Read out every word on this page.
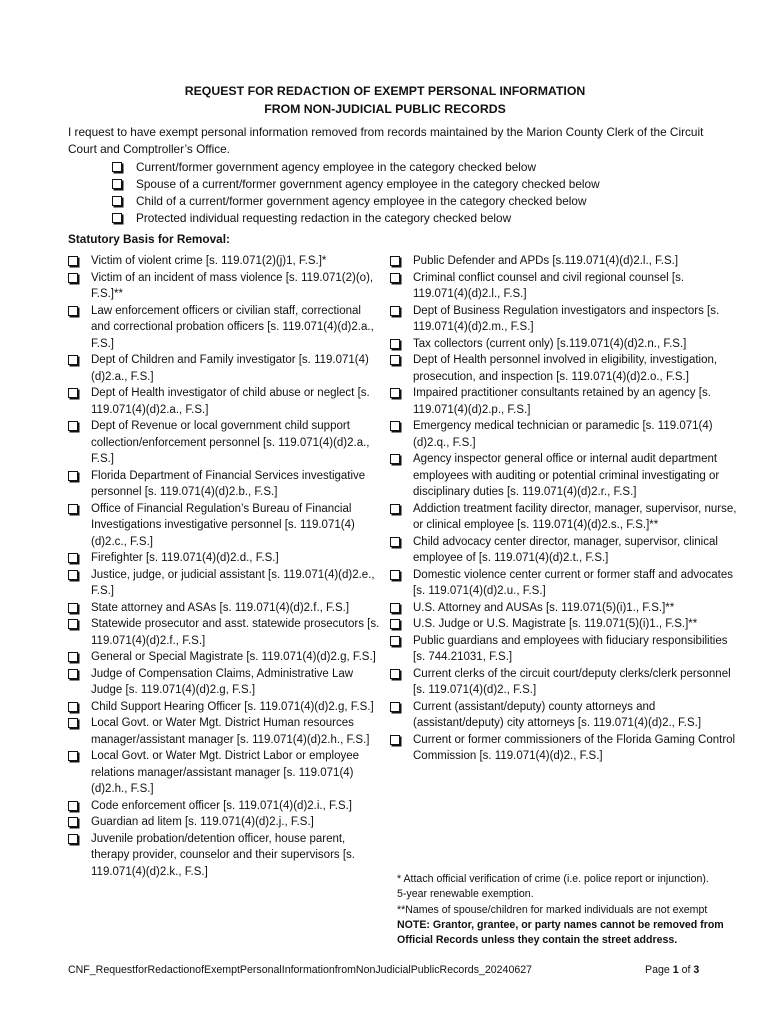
REQUEST FOR REDACTION OF EXEMPT PERSONAL INFORMATION
FROM NON-JUDICIAL PUBLIC RECORDS
I request to have exempt personal information removed from records maintained by the Marion County Clerk of the Circuit Court and Comptroller’s Office.
Current/former government agency employee in the category checked below
Spouse of a current/former government agency employee in the category checked below
Child of a current/former government agency employee in the category checked below
Protected individual requesting redaction in the category checked below
Statutory Basis for Removal:
Victim of violent crime [s. 119.071(2)(j)1, F.S.]*
Victim of an incident of mass violence [s. 119.071(2)(o), F.S.]**
Law enforcement officers or civilian staff, correctional and correctional probation officers [s. 119.071(4)(d)2.a., F.S.]
Dept of Children and Family investigator [s. 119.071(4)(d)2.a., F.S.]
Dept of Health investigator of child abuse or neglect [s. 119.071(4)(d)2.a., F.S.]
Dept of Revenue or local government child support collection/enforcement personnel [s. 119.071(4)(d)2.a., F.S.]
Florida Department of Financial Services investigative personnel [s. 119.071(4)(d)2.b., F.S.]
Office of Financial Regulation’s Bureau of Financial Investigations investigative personnel [s. 119.071(4)(d)2.c., F.S.]
Firefighter [s. 119.071(4)(d)2.d., F.S.]
Justice, judge, or judicial assistant [s. 119.071(4)(d)2.e., F.S.]
State attorney and ASAs [s. 119.071(4)(d)2.f., F.S.]
Statewide prosecutor and asst. statewide prosecutors [s. 119.071(4)(d)2.f., F.S.]
General or Special Magistrate [s. 119.071(4)(d)2.g, F.S.]
Judge of Compensation Claims, Administrative Law Judge [s. 119.071(4)(d)2.g, F.S.]
Child Support Hearing Officer [s. 119.071(4)(d)2.g, F.S.]
Local Govt. or Water Mgt. District Human resources manager/assistant manager [s. 119.071(4)(d)2.h., F.S.]
Local Govt. or Water Mgt. District Labor or employee relations manager/assistant manager [s. 119.071(4)(d)2.h., F.S.]
Code enforcement officer [s. 119.071(4)(d)2.i., F.S.]
Guardian ad litem [s. 119.071(4)(d)2.j., F.S.]
Juvenile probation/detention officer, house parent, therapy provider, counselor and their supervisors [s. 119.071(4)(d)2.k., F.S.]
Public Defender and APDs [s.119.071(4)(d)2.l., F.S.]
Criminal conflict counsel and civil regional counsel [s. 119.071(4)(d)2.l., F.S.]
Dept of Business Regulation investigators and inspectors [s. 119.071(4)(d)2.m., F.S.]
Tax collectors (current only) [s.119.071(4)(d)2.n., F.S.]
Dept of Health personnel involved in eligibility, investigation, prosecution, and inspection [s. 119.071(4)(d)2.o., F.S.]
Impaired practitioner consultants retained by an agency [s. 119.071(4)(d)2.p., F.S.]
Emergency medical technician or paramedic [s. 119.071(4)(d)2.q., F.S.]
Agency inspector general office or internal audit department employees with auditing or potential criminal investigating or disciplinary duties [s. 119.071(4)(d)2.r., F.S.]
Addiction treatment facility director, manager, supervisor, nurse, or clinical employee [s. 119.071(4)(d)2.s., F.S.]**
Child advocacy center director, manager, supervisor, clinical employee of [s. 119.071(4)(d)2.t., F.S.]
Domestic violence center current or former staff and advocates [s. 119.071(4)(d)2.u., F.S.]
U.S. Attorney and AUSAs [s. 119.071(5)(i)1., F.S.]**
U.S. Judge or U.S. Magistrate [s. 119.071(5)(i)1., F.S.]**
Public guardians and employees with fiduciary responsibilities [s. 744.21031, F.S.]
Current clerks of the circuit court/deputy clerks/clerk personnel [s. 119.071(4)(d)2., F.S.]
Current (assistant/deputy) county attorneys and (assistant/deputy) city attorneys [s. 119.071(4)(d)2., F.S.]
Current or former commissioners of the Florida Gaming Control Commission [s. 119.071(4)(d)2., F.S.]
* Attach official verification of crime (i.e. police report or injunction).
5-year renewable exemption.
**Names of spouse/children for marked individuals are not exempt
NOTE: Grantor, grantee, or party names cannot be removed from Official Records unless they contain the street address.
CNF_RequestforRedactionofExemptPersonalInformationfromNonJudicialPublicRecords_20240627	Page 1 of 3
